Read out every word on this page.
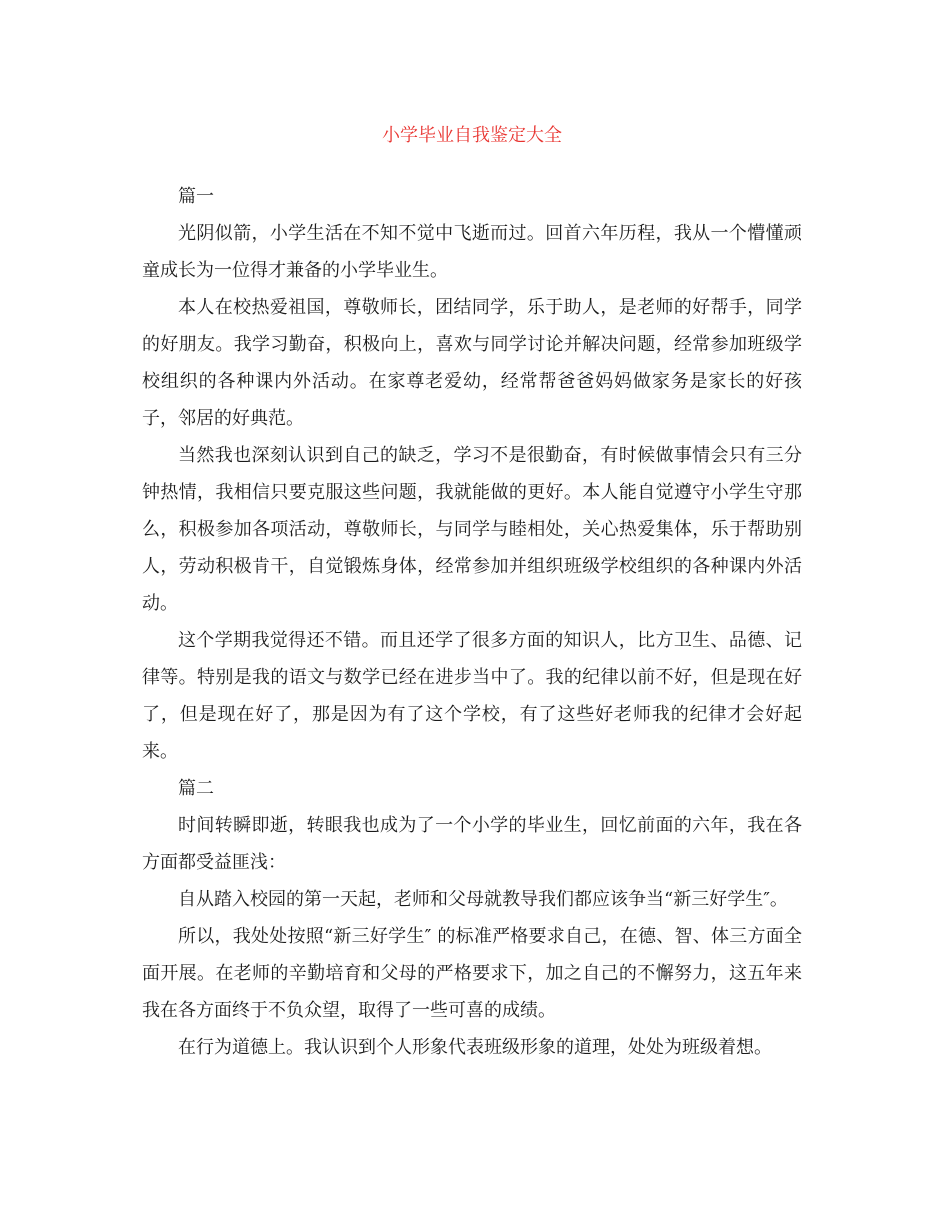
小学毕业自我鉴定大全

篇一

光阴似箭，小学生活在不知不觉中飞逝而过。回首六年历程，我从一个懵懂顽童成长为一位得才兼备的小学毕业生。

本人在校热爱祖国，尊敬师长，团结同学，乐于助人，是老师的好帮手，同学的好朋友。我学习勤奋，积极向上，喜欢与同学讨论并解决问题，经常参加班级学校组织的各种课内外活动。在家尊老爱幼，经常帮爸爸妈妈做家务是家长的好孩子，邻居的好典范。

当然我也深刻认识到自己的缺乏，学习不是很勤奋，有时候做事情会只有三分钟热情，我相信只要克服这些问题，我就能做的更好。本人能自觉遵守小学生守那么，积极参加各项活动，尊敬师长，与同学与睦相处，关心热爱集体，乐于帮助别人，劳动积极肯干，自觉锻炼身体，经常参加并组织班级学校组织的各种课内外活动。

这个学期我觉得还不错。而且还学了很多方面的知识人，比方卫生、品德、记律等。特别是我的语文与数学已经在进步当中了。我的纪律以前不好，但是现在好了，但是现在好了，那是因为有了这个学校，有了这些好老师我的纪律才会好起来。

篇二

时间转瞬即逝，转眼我也成为了一个小学的毕业生，回忆前面的六年，我在各方面都受益匪浅：

自从踏入校园的第一天起，老师和父母就教导我们都应该争当“新三好学生″。

所以，我处处按照“新三好学生″ 的标准严格要求自己，在德、智、体三方面全面开展。在老师的辛勤培育和父母的严格要求下，加之自己的不懈努力，这五年来我在各方面终于不负众望，取得了一些可喜的成绩。

在行为道德上。我认识到个人形象代表班级形象的道理，处处为班级着想。
